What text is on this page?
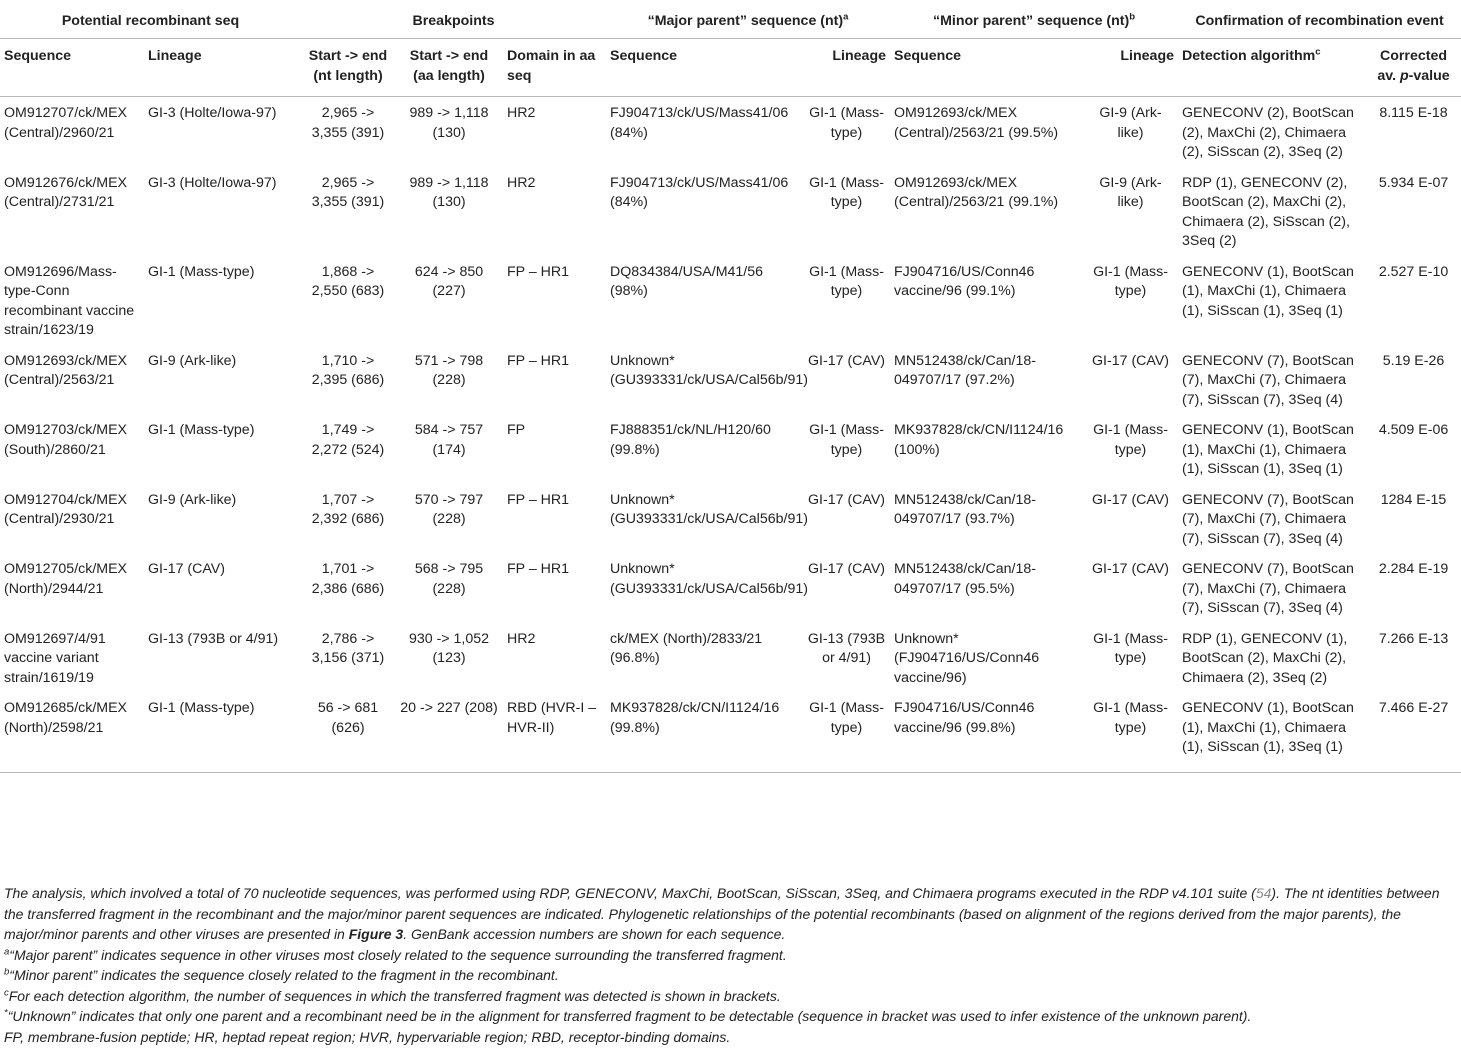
Potential recombinant seq		Breakpoints			“Major parent” sequence (nt)$^a$		“Minor parent” sequence (nt)$^b$		Confirmation of recombination event	
Sequence	Lineage	Start -> end (nt length)	Start -> end (aa length)	Domain in aa seq	Sequence	Lineage	Sequence	Lineage	Detection algorithm$^c$	Corrected av. p-value
OM912707/ck/MEX (Central)/2960/21	GI-3 (Holte/Iowa-97)	2,965 -> 3,355 (391)	989 -> 1,118 (130)	HR2	FJ904713/ck/US/Mass41/06 (84%)	GI-1 (Mass-type)	OM912693/ck/MEX (Central)/2563/21 (99.5%)	GI-9 (Ark-like)	GENECONV (2), BootScan (2), MaxChi (2), Chimaera (2), SiSscan (2), 3Seq (2)	8.115 E-18
OM912676/ck/MEX (Central)/2731/21	GI-3 (Holte/Iowa-97)	2,965 -> 3,355 (391)	989 -> 1,118 (130)	HR2	FJ904713/ck/US/Mass41/06 (84%)	GI-1 (Mass-type)	OM912693/ck/MEX (Central)/2563/21 (99.1%)	GI-9 (Ark-like)	RDP (1), GENECONV (2), BootScan (2), MaxChi (2), Chimaera (2), SiSscan (2), 3Seq (2)	5.934 E-07
OM912696/Mass-type-Conn recombinant vaccine strain/1623/19	GI-1 (Mass-type)	1,868 -> 2,550 (683)	624 -> 850 (227)	FP – HR1	DQ834384/USA/M41/56 (98%)	GI-1 (Mass-type)	FJ904716/US/Conn46 vaccine/96 (99.1%)	GI-1 (Mass-type)	GENECONV (1), BootScan (1), MaxChi (1), Chimaera (1), SiSscan (1), 3Seq (1)	2.527 E-10
OM912693/ck/MEX (Central)/2563/21	GI-9 (Ark-like)	1,710 -> 2,395 (686)	571 -> 798 (228)	FP – HR1	Unknown* (GU393331/ck/USA/Cal56b/91)	GI-17 (CAV)	MN512438/ck/Can/18-049707/17 (97.2%)	GI-17 (CAV)	GENECONV (7), BootScan (7), MaxChi (7), Chimaera (7), SiSscan (7), 3Seq (4)	5.19 E-26
OM912703/ck/MEX (South)/2860/21	GI-1 (Mass-type)	1,749 -> 2,272 (524)	584 -> 757 (174)	FP	FJ888351/ck/NL/H120/60 (99.8%)	GI-1 (Mass-type)	MK937828/ck/CN/I1124/16 (100%)	GI-1 (Mass-type)	GENECONV (1), BootScan (1), MaxChi (1), Chimaera (1), SiSscan (1), 3Seq (1)	4.509 E-06
OM912704/ck/MEX (Central)/2930/21	GI-9 (Ark-like)	1,707 -> 2,392 (686)	570 -> 797 (228)	FP – HR1	Unknown* (GU393331/ck/USA/Cal56b/91)	GI-17 (CAV)	MN512438/ck/Can/18-049707/17 (93.7%)	GI-17 (CAV)	GENECONV (7), BootScan (7), MaxChi (7), Chimaera (7), SiSscan (7), 3Seq (4)	1284 E-15
OM912705/ck/MEX (North)/2944/21	GI-17 (CAV)	1,701 -> 2,386 (686)	568 -> 795 (228)	FP – HR1	Unknown* (GU393331/ck/USA/Cal56b/91)	GI-17 (CAV)	MN512438/ck/Can/18-049707/17 (95.5%)	GI-17 (CAV)	GENECONV (7), BootScan (7), MaxChi (7), Chimaera (7), SiSscan (7), 3Seq (4)	2.284 E-19
OM912697/4/91 vaccine variant strain/1619/19	GI-13 (793B or 4/91)	2,786 -> 3,156 (371)	930 -> 1,052 (123)	HR2	ck/MEX (North)/2833/21 (96.8%)	GI-13 (793B or 4/91)	Unknown* (FJ904716/US/Conn46 vaccine/96)	GI-1 (Mass-type)	RDP (1), GENECONV (1), BootScan (2), MaxChi (2), Chimaera (2), 3Seq (2)	7.266 E-13
OM912685/ck/MEX (North)/2598/21	GI-1 (Mass-type)	56 -> 681 (626)	20 -> 227 (208)	RBD (HVR-I – HVR-II)	MK937828/ck/CN/I1124/16 (99.8%)	GI-1 (Mass-type)	FJ904716/US/Conn46 vaccine/96 (99.8%)	GI-1 (Mass-type)	GENECONV (1), BootScan (1), MaxChi (1), Chimaera (1), SiSscan (1), 3Seq (1)	7.466 E-27

The analysis, which involved a total of 70 nucleotide sequences, was performed using RDP, GENECONV, MaxChi, BootScan, SiSscan, 3Seq, and Chimaera programs executed in the RDP v4.101 suite (54). The nt identities between the transferred fragment in the recombinant and the major/minor parent sequences are indicated. Phylogenetic relationships of the potential recombinants (based on alignment of the regions derived from the major parents), the major/minor parents and other viruses are presented in Figure 3. GenBank accession numbers are shown for each sequence.

$^a$“Major parent” indicates sequence in other viruses most closely related to the sequence surrounding the transferred fragment.

$^b$“Minor parent” indicates the sequence closely related to the fragment in the recombinant.

$^c$For each detection algorithm, the number of sequences in which the transferred fragment was detected is shown in brackets.

*“Unknown” indicates that only one parent and a recombinant need be in the alignment for transferred fragment to be detectable (sequence in bracket was used to infer existence of the unknown parent).

FP, membrane-fusion peptide; HR, heptad repeat region; HVR, hypervariable region; RBD, receptor-binding domains.
